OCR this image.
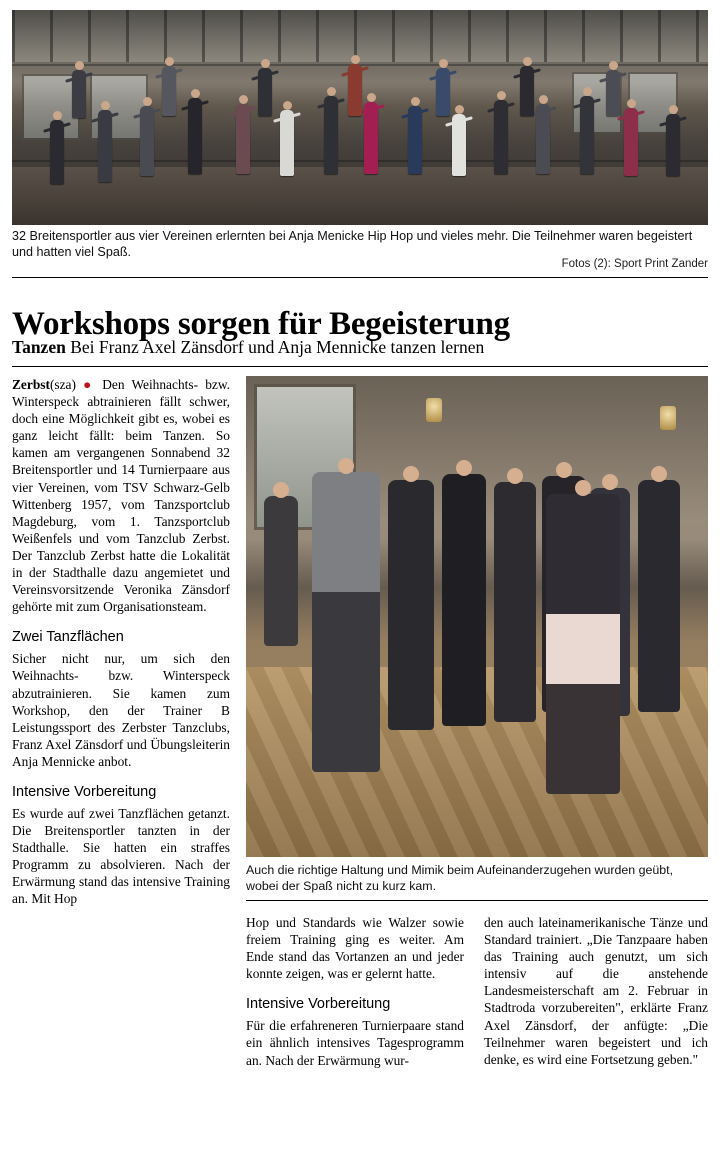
32 Breitensportler aus vier Vereinen erlernten bei Anja Menicke Hip Hop und vieles mehr. Die Teilnehmer waren begeistert und hatten viel Spaß.
Fotos (2): Sport Print Zander
Workshops sorgen für Begeisterung
Tanzen Bei Franz Axel Zänsdorf und Anja Mennicke tanzen lernen

Zerbst(sza) ● Den Weihnachts- bzw. Winterspeck abtrainieren fällt schwer, doch eine Möglichkeit gibt es, wobei es ganz leicht fällt: beim Tanzen. So kamen am vergangenen Sonnabend 32 Breitensportler und 14 Turnierpaare aus vier Vereinen, vom TSV Schwarz-Gelb Wittenberg 1957, vom Tanzsportclub Magdeburg, vom 1. Tanzsportclub Weißenfels und vom Tanzclub Zerbst. Der Tanzclub Zerbst hatte die Lokalität in der Stadthalle dazu angemietet und Vereinsvorsitzende Veronika Zänsdorf gehörte mit zum Organisationsteam.

Zwei Tanzflächen

Sicher nicht nur, um sich den Weihnachts- bzw. Winterspeck abzutrainieren. Sie kamen zum Workshop, den der Trainer B Leistungssport des Zerbster Tanzclubs, Franz Axel Zänsdorf und Übungsleiterin Anja Mennicke anbot.

Intensive Vorbereitung

Es wurde auf zwei Tanzflächen getanzt. Die Breitensportler tanzten in der Stadthalle. Sie hatten ein straffes Programm zu absolvieren. Nach der Erwärmung stand das intensive Training an. Mit Hop

Auch die richtige Haltung und Mimik beim Aufeinanderzugehen wurden geübt, wobei der Spaß nicht zu kurz kam.

Hop und Standards wie Walzer sowie freiem Training ging es weiter. Am Ende stand das Vortanzen an und jeder konnte zeigen, was er gelernt hatte.

Intensive Vorbereitung

Für die erfahreneren Turnierpaare stand ein ähnlich intensives Tagesprogramm an. Nach der Erwärmung wur-

den auch lateinamerikanische Tänze und Standard trainiert. „Die Tanzpaare haben das Training auch genutzt, um sich intensiv auf die anstehende Landesmeisterschaft am 2. Februar in Stadtroda vorzubereiten", erklärte Franz Axel Zänsdorf, der anfügte: „Die Teilnehmer waren begeistert und ich denke, es wird eine Fortsetzung geben."
